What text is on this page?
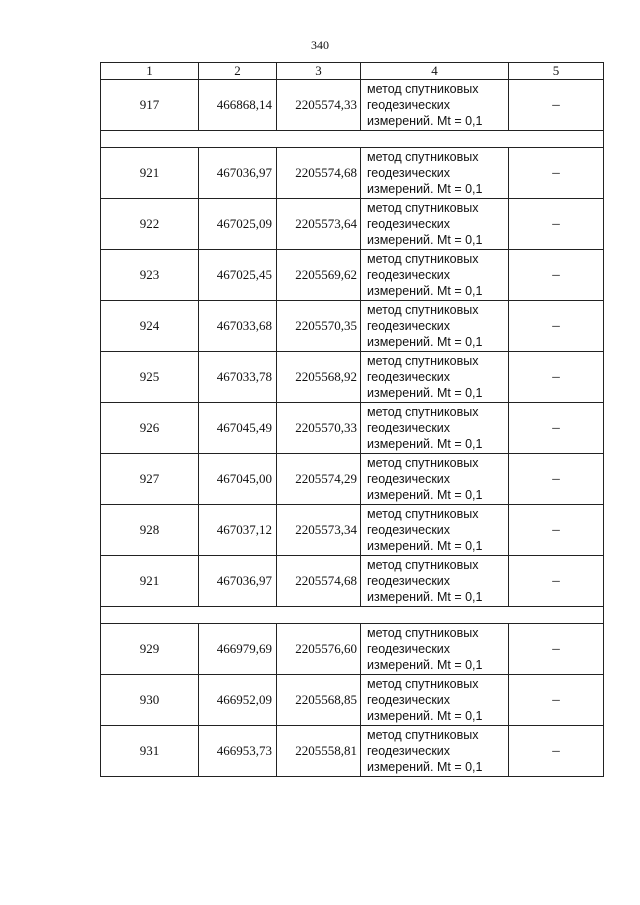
340
1	2	3	4	5
917	466868,14	2205574,33	метод спутниковых
геодезических
измерений. Mt = 0,1	–

921	467036,97	2205574,68	метод спутниковых
геодезических
измерений. Mt = 0,1	–
922	467025,09	2205573,64	метод спутниковых
геодезических
измерений. Mt = 0,1	–
923	467025,45	2205569,62	метод спутниковых
геодезических
измерений. Mt = 0,1	–
924	467033,68	2205570,35	метод спутниковых
геодезических
измерений. Mt = 0,1	–
925	467033,78	2205568,92	метод спутниковых
геодезических
измерений. Mt = 0,1	–
926	467045,49	2205570,33	метод спутниковых
геодезических
измерений. Mt = 0,1	–
927	467045,00	2205574,29	метод спутниковых
геодезических
измерений. Mt = 0,1	–
928	467037,12	2205573,34	метод спутниковых
геодезических
измерений. Mt = 0,1	–
921	467036,97	2205574,68	метод спутниковых
геодезических
измерений. Mt = 0,1	–

929	466979,69	2205576,60	метод спутниковых
геодезических
измерений. Mt = 0,1	–
930	466952,09	2205568,85	метод спутниковых
геодезических
измерений. Mt = 0,1	–
931	466953,73	2205558,81	метод спутниковых
геодезических
измерений. Mt = 0,1	–
